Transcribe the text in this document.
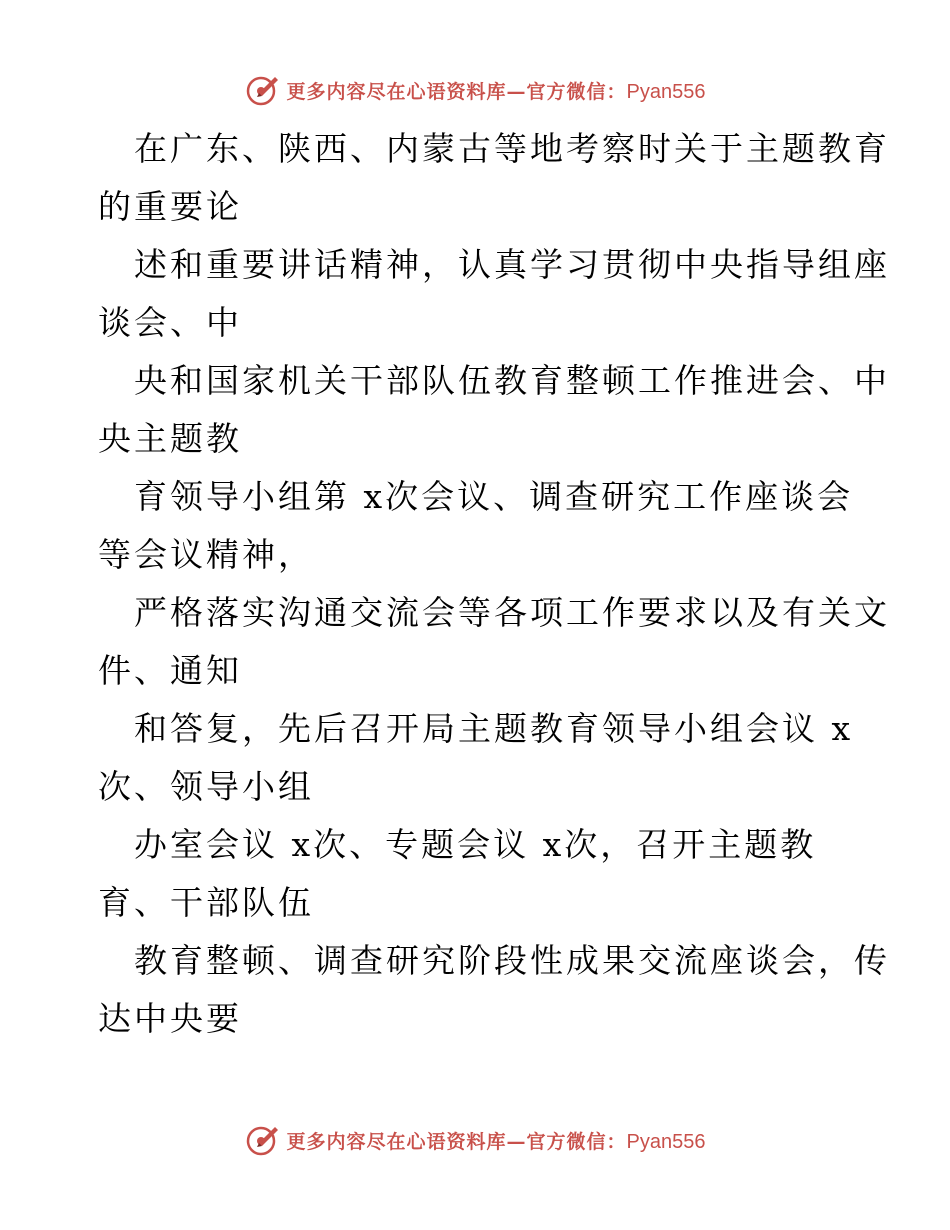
更多内容尽在心语资料库—官方微信：Pyan556
在广东、陕西、内蒙古等地考察时关于主题教育
的重要论
述和重要讲话精神，认真学习贯彻中央指导组座
谈会、中
央和国家机关干部队伍教育整顿工作推进会、中
央主题教
育领导小组第 x次会议、调查研究工作座谈会
等会议精神，
严格落实沟通交流会等各项工作要求以及有关文
件、通知
和答复，先后召开局主题教育领导小组会议 x
次、领导小组
办室会议 x次、专题会议 x次，召开主题教
育、干部队伍
教育整顿、调查研究阶段性成果交流座谈会，传
达中央要
更多内容尽在心语资料库—官方微信：Pyan556
